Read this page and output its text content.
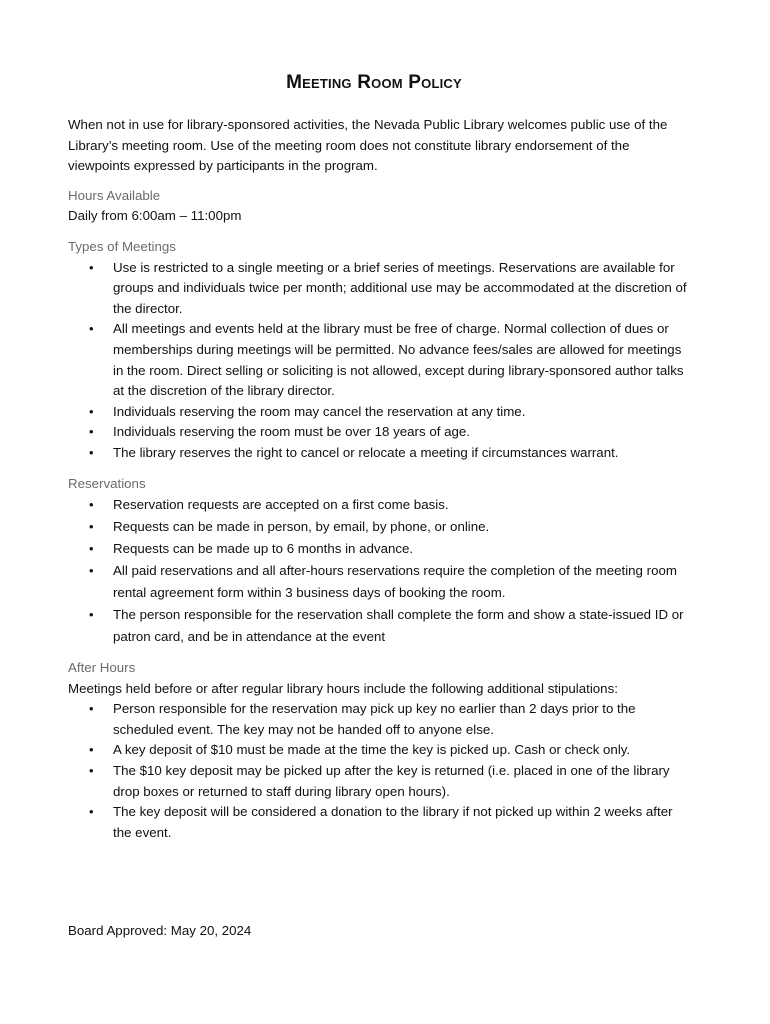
Meeting Room Policy

When not in use for library-sponsored activities, the Nevada Public Library welcomes public use of the Library’s meeting room. Use of the meeting room does not constitute library endorsement of the viewpoints expressed by participants in the program.

Hours Available

Daily from 6:00am – 11:00pm

Types of Meetings

• Use is restricted to a single meeting or a brief series of meetings. Reservations are available for groups and individuals twice per month; additional use may be accommodated at the discretion of the director.
• All meetings and events held at the library must be free of charge. Normal collection of dues or memberships during meetings will be permitted. No advance fees/sales are allowed for meetings in the room. Direct selling or soliciting is not allowed, except during library-sponsored author talks at the discretion of the library director.
• Individuals reserving the room may cancel the reservation at any time.
• Individuals reserving the room must be over 18 years of age.
• The library reserves the right to cancel or relocate a meeting if circumstances warrant.

Reservations

• Reservation requests are accepted on a first come basis.
• Requests can be made in person, by email, by phone, or online.
• Requests can be made up to 6 months in advance.
• All paid reservations and all after-hours reservations require the completion of the meeting room rental agreement form within 3 business days of booking the room.
• The person responsible for the reservation shall complete the form and show a state-issued ID or patron card, and be in attendance at the event

After Hours

Meetings held before or after regular library hours include the following additional stipulations:

• Person responsible for the reservation may pick up key no earlier than 2 days prior to the scheduled event. The key may not be handed off to anyone else.
• A key deposit of $10 must be made at the time the key is picked up. Cash or check only.
• The $10 key deposit may be picked up after the key is returned (i.e. placed in one of the library drop boxes or returned to staff during library open hours).
• The key deposit will be considered a donation to the library if not picked up within 2 weeks after the event.

Board Approved: May 20, 2024
